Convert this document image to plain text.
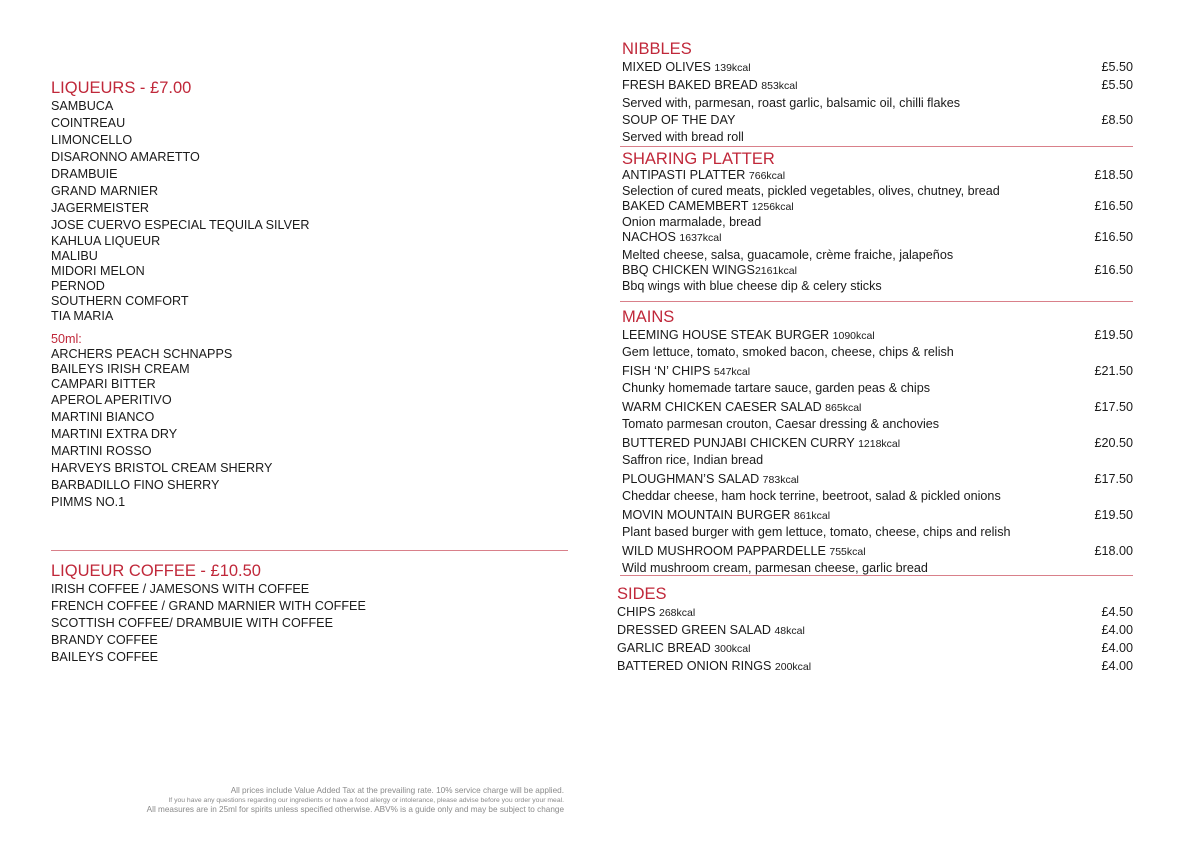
LIQUEURS - £7.00
SAMBUCA
COINTREAU
LIMONCELLO
DISARONNO AMARETTO
DRAMBUIE
GRAND MARNIER
JAGERMEISTER
JOSE CUERVO ESPECIAL TEQUILA SILVER
KAHLUA LIQUEUR
MALIBU
MIDORI MELON
PERNOD
SOUTHERN COMFORT
TIA MARIA
50ml:
ARCHERS PEACH SCHNAPPS
BAILEYS IRISH CREAM
CAMPARI BITTER
APEROL APERITIVO
MARTINI BIANCO
MARTINI EXTRA DRY
MARTINI ROSSO
HARVEYS BRISTOL CREAM SHERRY
BARBADILLO FINO SHERRY
PIMMS NO.1
LIQUEUR COFFEE - £10.50
IRISH COFFEE / JAMESONS WITH COFFEE
FRENCH COFFEE / GRAND MARNIER WITH COFFEE
SCOTTISH COFFEE/ DRAMBUIE WITH COFFEE
BRANDY COFFEE
BAILEYS COFFEE
All prices include Value Added Tax at the prevailing rate. 10% service charge will be applied.
If you have any questions regarding our ingredients or have a food allergy or intolerance, please advise before you order your meal.
All measures are in 25ml for spirits unless specified otherwise. ABV% is a guide only and may be subject to change
NIBBLES
MIXED OLIVES 139kcal	£5.50
FRESH BAKED BREAD 853kcal	£5.50
Served with, parmesan, roast garlic, balsamic oil, chilli flakes
SOUP OF THE DAY	£8.50
Served with bread roll
SHARING PLATTER
ANTIPASTI PLATTER 766kcal	£18.50
Selection of cured meats, pickled vegetables, olives, chutney, bread
BAKED CAMEMBERT 1256kcal	£16.50
Onion marmalade, bread
NACHOS 1637kcal	£16.50
Melted cheese, salsa, guacamole, crème fraiche, jalapeños
BBQ CHICKEN WINGS2161kcal	£16.50
Bbq wings with blue cheese dip & celery sticks
MAINS
LEEMING HOUSE STEAK BURGER 1090kcal	£19.50
Gem lettuce, tomato, smoked bacon, cheese, chips & relish
FISH ‘N’ CHIPS 547kcal	£21.50
Chunky homemade tartare sauce, garden peas & chips
WARM CHICKEN CAESER SALAD 865kcal	£17.50
Tomato parmesan crouton, Caesar dressing & anchovies
BUTTERED PUNJABI CHICKEN CURRY 1218kcal	£20.50
Saffron rice, Indian bread
PLOUGHMAN’S SALAD 783kcal	£17.50
Cheddar cheese, ham hock terrine, beetroot, salad & pickled onions
MOVIN MOUNTAIN BURGER 861kcal	£19.50
Plant based burger with gem lettuce, tomato, cheese, chips and relish
WILD MUSHROOM PAPPARDELLE 755kcal	£18.00
Wild mushroom cream, parmesan cheese, garlic bread
SIDES
CHIPS 268kcal	£4.50
DRESSED GREEN SALAD 48kcal	£4.00
GARLIC BREAD 300kcal	£4.00
BATTERED ONION RINGS 200kcal	£4.00
